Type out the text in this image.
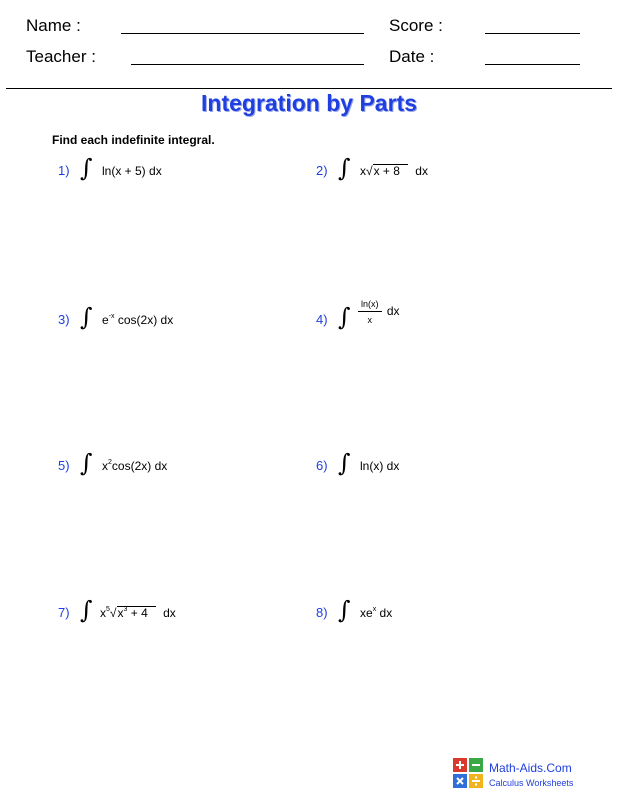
Name :
Teacher :
Score :
Date :
Integration by Parts
Find each indefinite integral.
1) ∫ ln(x + 5) dx	2) ∫ x√x + 8 dx
3) ∫ $e^{-x}$ cos(2x) dx	4) ∫ $\frac{\ln(x)}{x}$ dx
5) ∫ $x^2\cos(2x)$ dx	6) ∫ ln(x) dx
7) ∫ $x^5√x^3 + 4$ dx	8) ∫ $xe^x$ dx
Math-Aids.Com
Calculus Worksheets
